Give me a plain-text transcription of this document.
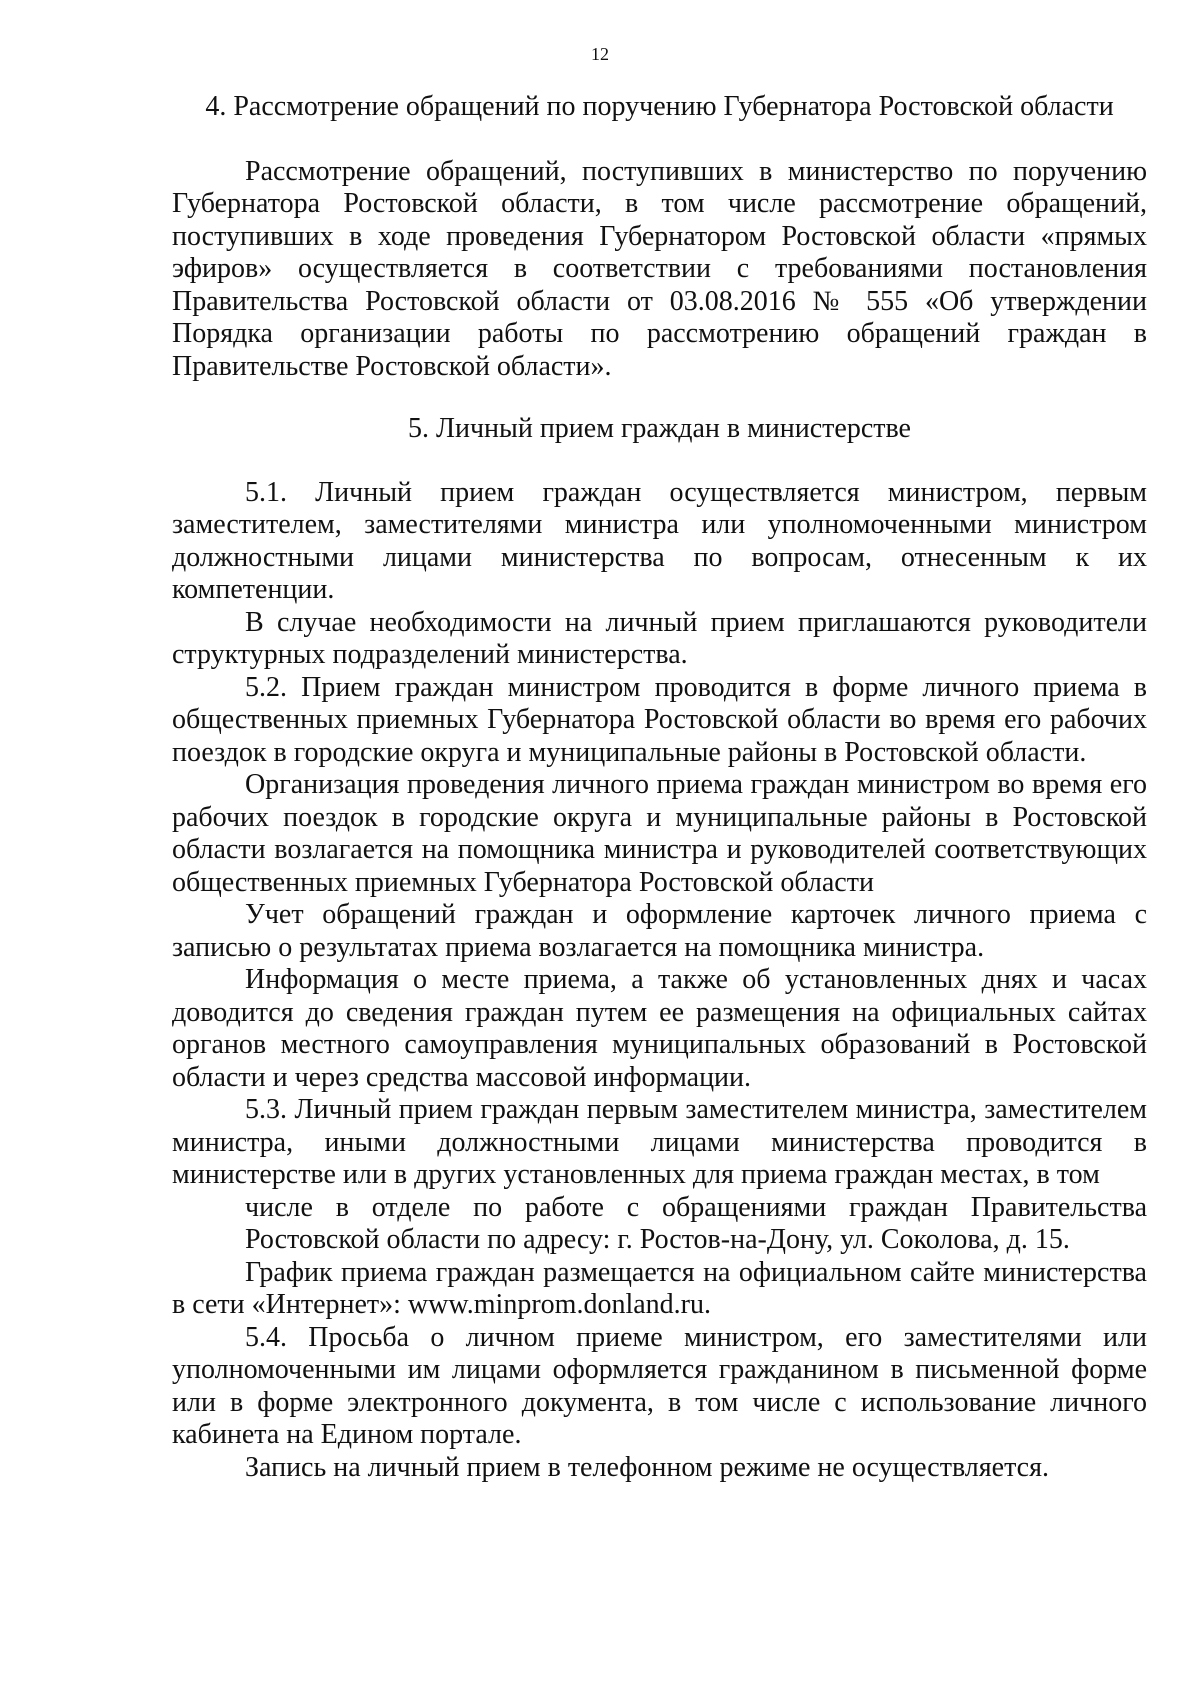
12

4. Рассмотрение обращений по поручению Губернатора Ростовской области

Рассмотрение обращений, поступивших в министерство по поручению Губернатора Ростовской области, в том числе рассмотрение обращений, поступивших в ходе проведения Губернатором Ростовской области «прямых эфиров» осуществляется в соответствии с требованиями постановления Правительства Ростовской области от 03.08.2016 № 555 «Об утверждении Порядка организации работы по рассмотрению обращений граждан в Правительстве Ростовской области».

5. Личный прием граждан в министерстве

5.1. Личный прием граждан осуществляется министром, первым заместителем, заместителями министра или уполномоченными министром должностными лицами министерства по вопросам, отнесенным к их компетенции.

В случае необходимости на личный прием приглашаются руководители структурных подразделений министерства.

5.2. Прием граждан министром проводится в форме личного приема в общественных приемных Губернатора Ростовской области во время его рабочих поездок в городские округа и муниципальные районы в Ростовской области.

Организация проведения личного приема граждан министром во время его рабочих поездок в городские округа и муниципальные районы в Ростовской области возлагается на помощника министра и руководителей соответствующих общественных приемных Губернатора Ростовской области

Учет обращений граждан и оформление карточек личного приема с записью о результатах приема возлагается на помощника министра.

Информация о месте приема, а также об установленных днях и часах доводится до сведения граждан путем ее размещения на официальных сайтах органов местного самоуправления муниципальных образований в Ростовской области и через средства массовой информации.

5.3. Личный прием граждан первым заместителем министра, заместителем министра, иными должностными лицами министерства проводится в министерстве или в других установленных для приема граждан местах, в том

числе в отделе по работе с обращениями граждан Правительства Ростовской области по адресу: г. Ростов-на-Дону, ул. Соколова, д. 15.

График приема граждан размещается на официальном сайте министерства в сети «Интернет»: www.minprom.donland.ru.

5.4. Просьба о личном приеме министром, его заместителями или уполномоченными им лицами оформляется гражданином в письменной форме или в форме электронного документа, в том числе с использование личного кабинета на Едином портале.

Запись на личный прием в телефонном режиме не осуществляется.
